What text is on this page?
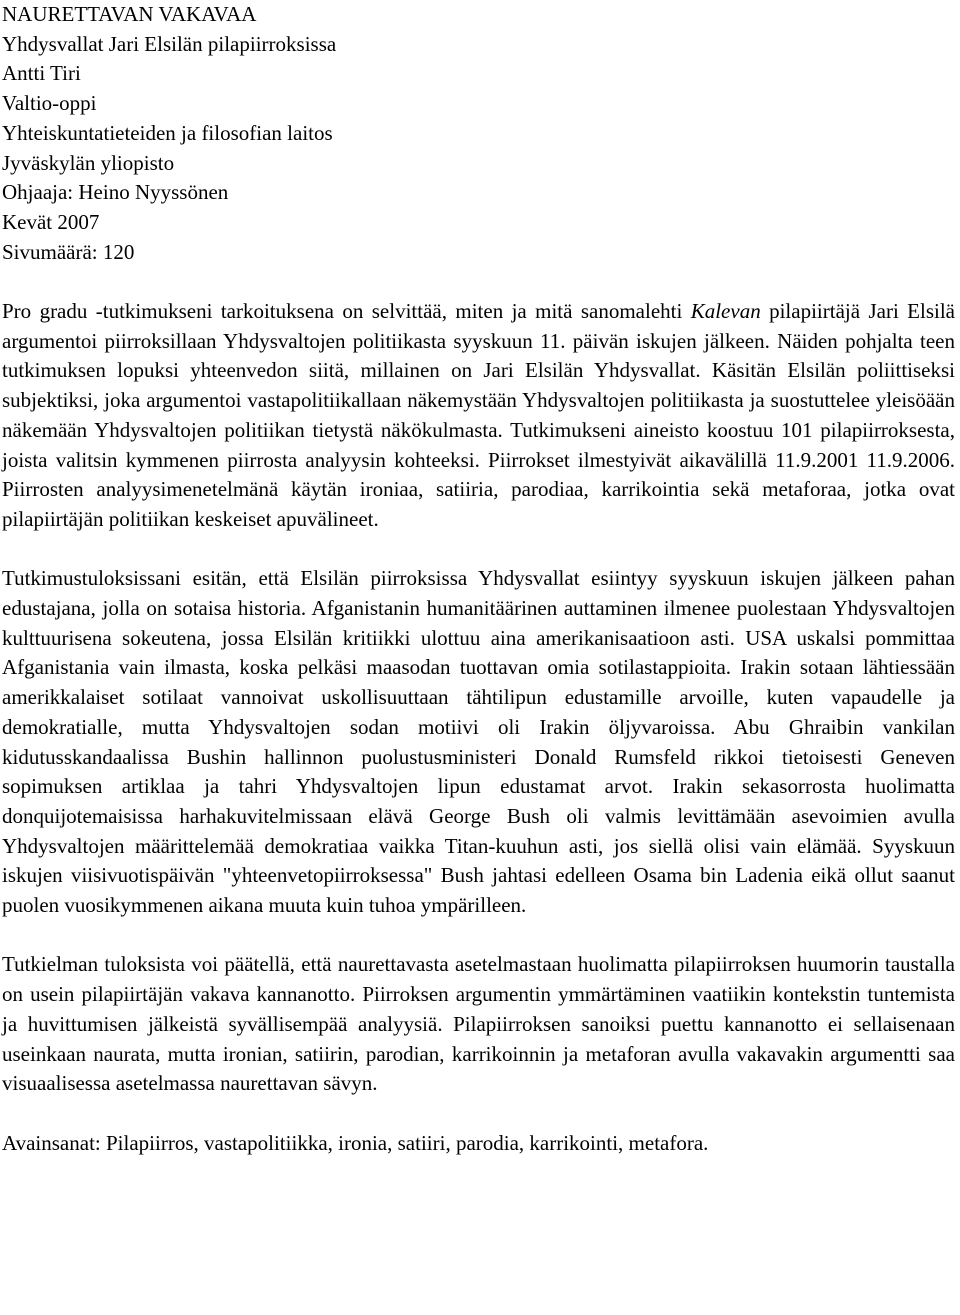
NAURETTAVAN VAKAVAA
Yhdysvallat Jari Elsilän pilapiirroksissa
Antti Tiri
Valtio-oppi
Yhteiskuntatieteiden ja filosofian laitos
Jyväskylän yliopisto
Ohjaaja: Heino Nyyssönen
Kevät 2007
Sivumäärä: 120

Pro gradu -tutkimukseni tarkoituksena on selvittää, miten ja mitä sanomalehti Kalevan pilapiirtäjä Jari Elsilä argumentoi piirroksillaan Yhdysvaltojen politiikasta syyskuun 11. päivän iskujen jälkeen. Näiden pohjalta teen tutkimuksen lopuksi yhteenvedon siitä, millainen on Jari Elsilän Yhdysvallat. Käsitän Elsilän poliittiseksi subjektiksi, joka argumentoi vastapolitiikallaan näkemystään Yhdysvaltojen politiikasta ja suostuttelee yleisöään näkemään Yhdysvaltojen politiikan tietystä näkökulmasta. Tutkimukseni aineisto koostuu 101 pilapiirroksesta, joista valitsin kymmenen piirrosta analyysin kohteeksi. Piirrokset ilmestyivät aikavälillä 11.9.2001 11.9.2006. Piirrosten analyysimenetelmänä käytän ironiaa, satiiria, parodiaa, karrikointia sekä metaforaa, jotka ovat pilapiirtäjän politiikan keskeiset apuvälineet.

Tutkimustuloksissani esitän, että Elsilän piirroksissa Yhdysvallat esiintyy syyskuun iskujen jälkeen pahan edustajana, jolla on sotaisa historia. Afganistanin humanitäärinen auttaminen ilmenee puolestaan Yhdysvaltojen kulttuurisena sokeutena, jossa Elsilän kritiikki ulottuu aina amerikanisaatioon asti. USA uskalsi pommittaa Afganistania vain ilmasta, koska pelkäsi maasodan tuottavan omia sotilastappioita. Irakin sotaan lähtiessään amerikkalaiset sotilaat vannoivat uskollisuuttaan tähtilipun edustamille arvoille, kuten vapaudelle ja demokratialle, mutta Yhdysvaltojen sodan motiivi oli Irakin öljyvaroissa. Abu Ghraibin vankilan kidutusskandaalissa Bushin hallinnon puolustusministeri Donald Rumsfeld rikkoi tietoisesti Geneven sopimuksen artiklaa ja tahri Yhdysvaltojen lipun edustamat arvot. Irakin sekasorrosta huolimatta donquijotemaisissa harhakuvitelmissaan elävä George Bush oli valmis levittämään asevoimien avulla Yhdysvaltojen määrittelemää demokratiaa vaikka Titan-kuuhun asti, jos siellä olisi vain elämää. Syyskuun iskujen viisivuotispäivän "yhteenvetopiirroksessa" Bush jahtasi edelleen Osama bin Ladenia eikä ollut saanut puolen vuosikymmenen aikana muuta kuin tuhoa ympärilleen.

Tutkielman tuloksista voi päätellä, että naurettavasta asetelmastaan huolimatta pilapiirroksen huumorin taustalla on usein pilapiirtäjän vakava kannanotto. Piirroksen argumentin ymmärtäminen vaatiikin kontekstin tuntemista ja huvittumisen jälkeistä syvällisempää analyysiä. Pilapiirroksen sanoiksi puettu kannanotto ei sellaisenaan useinkaan naurata, mutta ironian, satiirin, parodian, karrikoinnin ja metaforan avulla vakavakin argumentti saa visuaalisessa asetelmassa naurettavan sävyn.

Avainsanat: Pilapiirros, vastapolitiikka, ironia, satiiri, parodia, karrikointi, metafora.
